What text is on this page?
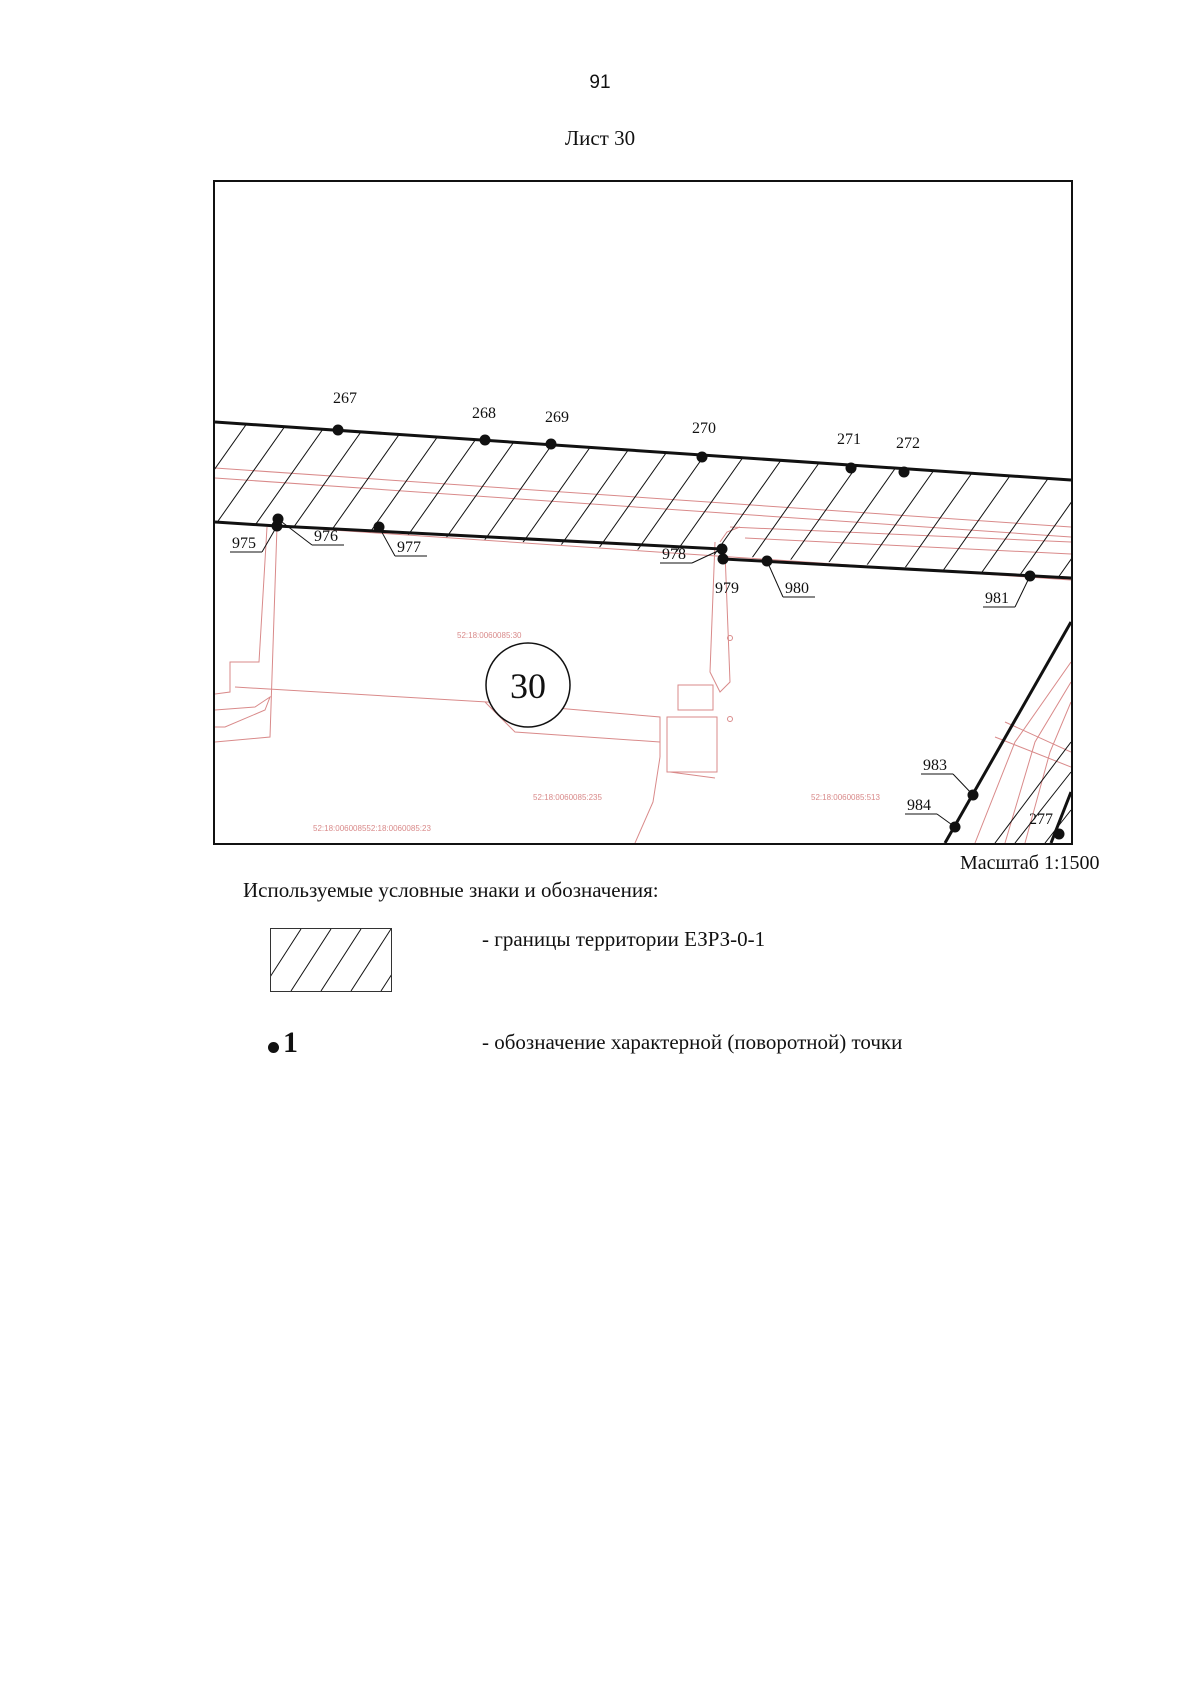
91
Лист 30
30
52:18:0060085:30
52:18:0060085:235
52:18:006008552:18:0060085:23
52:18:0060085:513
267
268	269
270
271 272
975	976
977	978
979	980
981
983
984
277
Масштаб 1:1500
Используемые условные знаки и обозначения:
- границы территории ЕЗРЗ-0-1
1	- обозначение характерной (поворотной) точки
